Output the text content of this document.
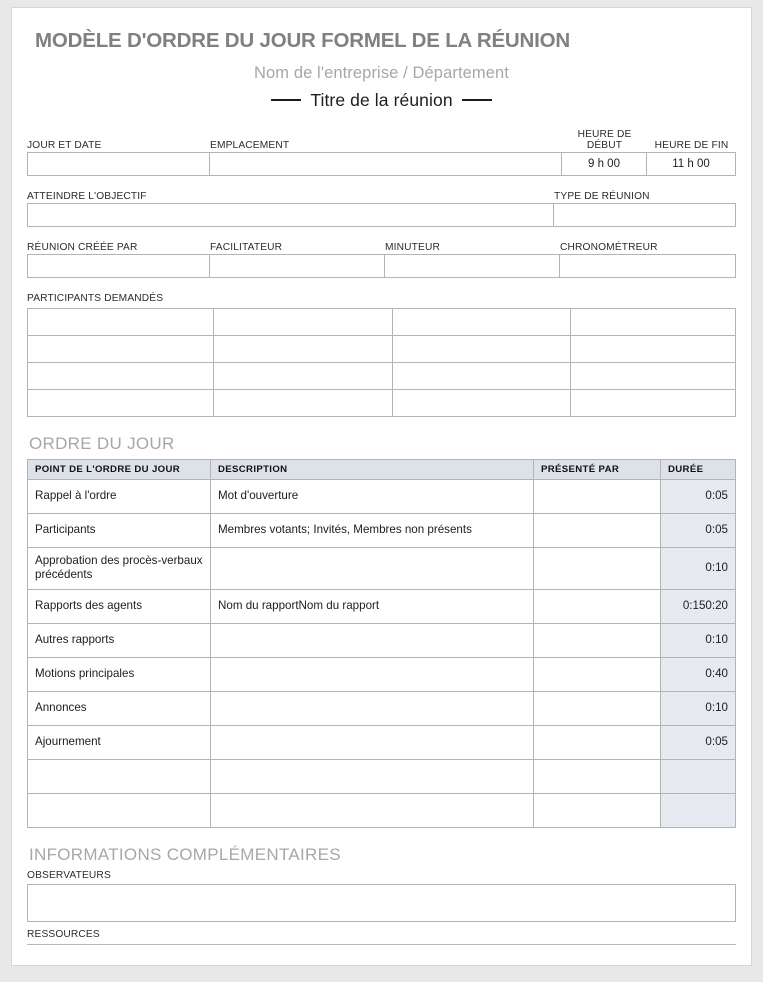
MODÈLE D'ORDRE DU JOUR FORMEL DE LA RÉUNION
Nom de l'entreprise / Département
Titre de la réunion
JOUR ET DATE	EMPLACEMENT
HEURE DE
DÉBUT	HEURE DE FIN
9 h 00	11 h 00
ATTEINDRE L'OBJECTIF	TYPE DE RÉUNION
RÉUNION CRÉÉE PAR	FACILITATEUR	MINUTEUR	CHRONOMÉTREUR
PARTICIPANTS DEMANDÉS

ORDRE DU JOUR
POINT DE L'ORDRE DU JOUR	DESCRIPTION	PRÉSENTÉ PAR	DURÉE
Rappel à l'ordre	Mot d'ouverture		0:05
Participants	Membres votants; Invités, Membres non présents		0:05
Approbation des procès-verbaux précédents			0:10
Rapports des agents	Nom du rapportNom du rapport		0:150:20
Autres rapports			0:10
Motions principales			0:40
Annonces			0:10
Ajournement			0:05

INFORMATIONS COMPLÉMENTAIRES
OBSERVATEURS
RESSOURCES
